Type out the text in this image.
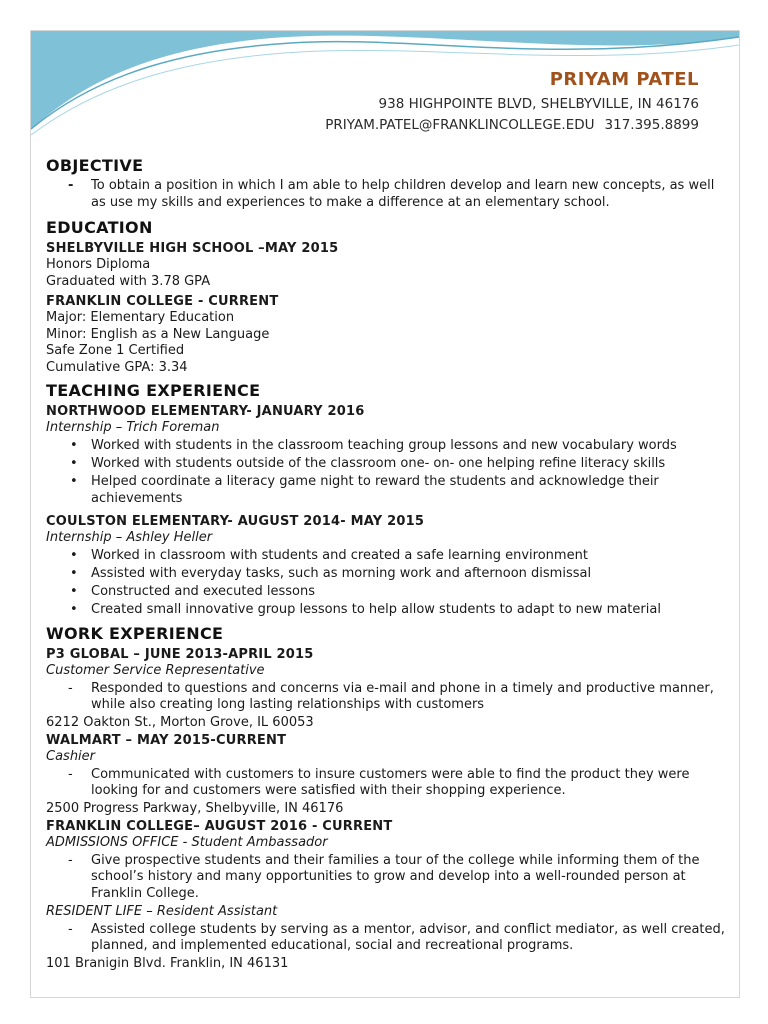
PRIYAM PATEL
938 HIGHPOINTE BLVD, SHELBYVILLE, IN 46176
PRIYAM.PATEL@FRANKLINCOLLEGE.EDU 317.395.8899
OBJECTIVE
- To obtain a position in which I am able to help children develop and learn new concepts, as well as use my skills and experiences to make a difference at an elementary school.
EDUCATION
SHELBYVILLE HIGH SCHOOL –MAY 2015
Honors Diploma
Graduated with 3.78 GPA
FRANKLIN COLLEGE - CURRENT
Major: Elementary Education
Minor: English as a New Language
Safe Zone 1 Certified
Cumulative GPA: 3.34
TEACHING EXPERIENCE
NORTHWOOD ELEMENTARY- JANUARY 2016
Internship – Trich Foreman
• Worked with students in the classroom teaching group lessons and new vocabulary words
• Worked with students outside of the classroom one- on- one helping refine literacy skills
• Helped coordinate a literacy game night to reward the students and acknowledge their achievements
COULSTON ELEMENTARY- AUGUST 2014- MAY 2015
Internship – Ashley Heller
• Worked in classroom with students and created a safe learning environment
• Assisted with everyday tasks, such as morning work and afternoon dismissal
• Constructed and executed lessons
• Created small innovative group lessons to help allow students to adapt to new material
WORK EXPERIENCE
P3 GLOBAL – JUNE 2013-APRIL 2015
Customer Service Representative
- Responded to questions and concerns via e-mail and phone in a timely and productive manner, while also creating long lasting relationships with customers
6212 Oakton St., Morton Grove, IL 60053
WALMART – MAY 2015-CURRENT
Cashier
- Communicated with customers to insure customers were able to find the product they were looking for and customers were satisfied with their shopping experience.
2500 Progress Parkway, Shelbyville, IN 46176
FRANKLIN COLLEGE– AUGUST 2016 - CURRENT
ADMISSIONS OFFICE - Student Ambassador
- Give prospective students and their families a tour of the college while informing them of the school’s history and many opportunities to grow and develop into a well-rounded person at Franklin College.
RESIDENT LIFE – Resident Assistant
- Assisted college students by serving as a mentor, advisor, and conflict mediator, as well created, planned, and implemented educational, social and recreational programs.
101 Branigin Blvd. Franklin, IN 46131
